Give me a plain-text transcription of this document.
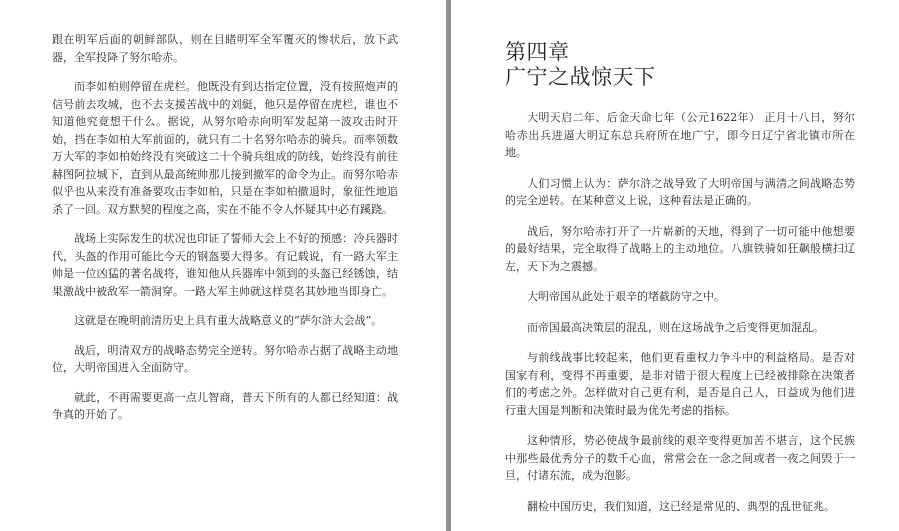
跟在明军后面的朝鲜部队，则在目睹明军全军覆灭的惨状后，放下武器，全军投降了努尔哈赤。

而李如柏则停留在虎栏。他既没有到达指定位置，没有按照炮声的信号前去攻城，也不去支援苦战中的刘綎，他只是停留在虎栏，谁也不知道他究竟想干什么。据说，从努尔哈赤向明军发起第一波攻击时开始，挡在李如柏大军前面的，就只有二十名努尔哈赤的骑兵。而率领数万大军的李如柏始终没有突破这二十个骑兵组成的防线，始终没有前往赫图阿拉城下，直到从最高统帅那儿接到撤军的命令为止。而努尔哈赤似乎也从来没有准备要攻击李如柏，只是在李如柏撤退时，象征性地追杀了一回。双方默契的程度之高，实在不能不令人怀疑其中必有蹊跷。

战场上实际发生的状况也印证了誓师大会上不好的预感：冷兵器时代，头盔的作用可能比今天的钢盔要大得多。有记载说，有一路大军主帅是一位凶猛的著名战将，谁知他从兵器库中领到的头盔已经锈蚀，结果激战中被敌军一箭洞穿。一路大军主帅就这样莫名其妙地当即身亡。

这就是在晚明前清历史上具有重大战略意义的“萨尔浒大会战”。

战后，明清双方的战略态势完全逆转。努尔哈赤占据了战略主动地位，大明帝国进入全面防守。

就此，不再需要更高一点儿智商，普天下所有的人都已经知道：战争真的开始了。

第四章
广宁之战惊天下

大明天启二年、后金天命七年（公元1622年） 正月十八日，努尔哈赤出兵进逼大明辽东总兵府所在地广宁，即今日辽宁省北镇市所在地。

人们习惯上认为：萨尔浒之战导致了大明帝国与满清之间战略态势的完全逆转。在某种意义上说，这种看法是正确的。

战后，努尔哈赤打开了一片崭新的天地，得到了一切可能中他想要的最好结果，完全取得了战略上的主动地位。八旗铁骑如狂飙般横扫辽左，天下为之震撼。

大明帝国从此处于艰辛的堵截防守之中。

而帝国最高决策层的混乱，则在这场战争之后变得更加混乱。

与前线战事比较起来，他们更看重权力争斗中的利益格局。是否对国家有利，变得不再重要，是非对错于很大程度上已经被排除在决策者们的考虑之外。怎样做对自己更有利，是否是自己人，日益成为他们进行重大国是判断和决策时最为优先考虑的指标。

这种情形，势必使战争最前线的艰辛变得更加苦不堪言，这个民族中那些最优秀分子的数千心血，常常会在一念之间或者一夜之间毁于一旦，付诸东流，成为泡影。

翻检中国历史，我们知道，这已经是常见的、典型的乱世征兆。
